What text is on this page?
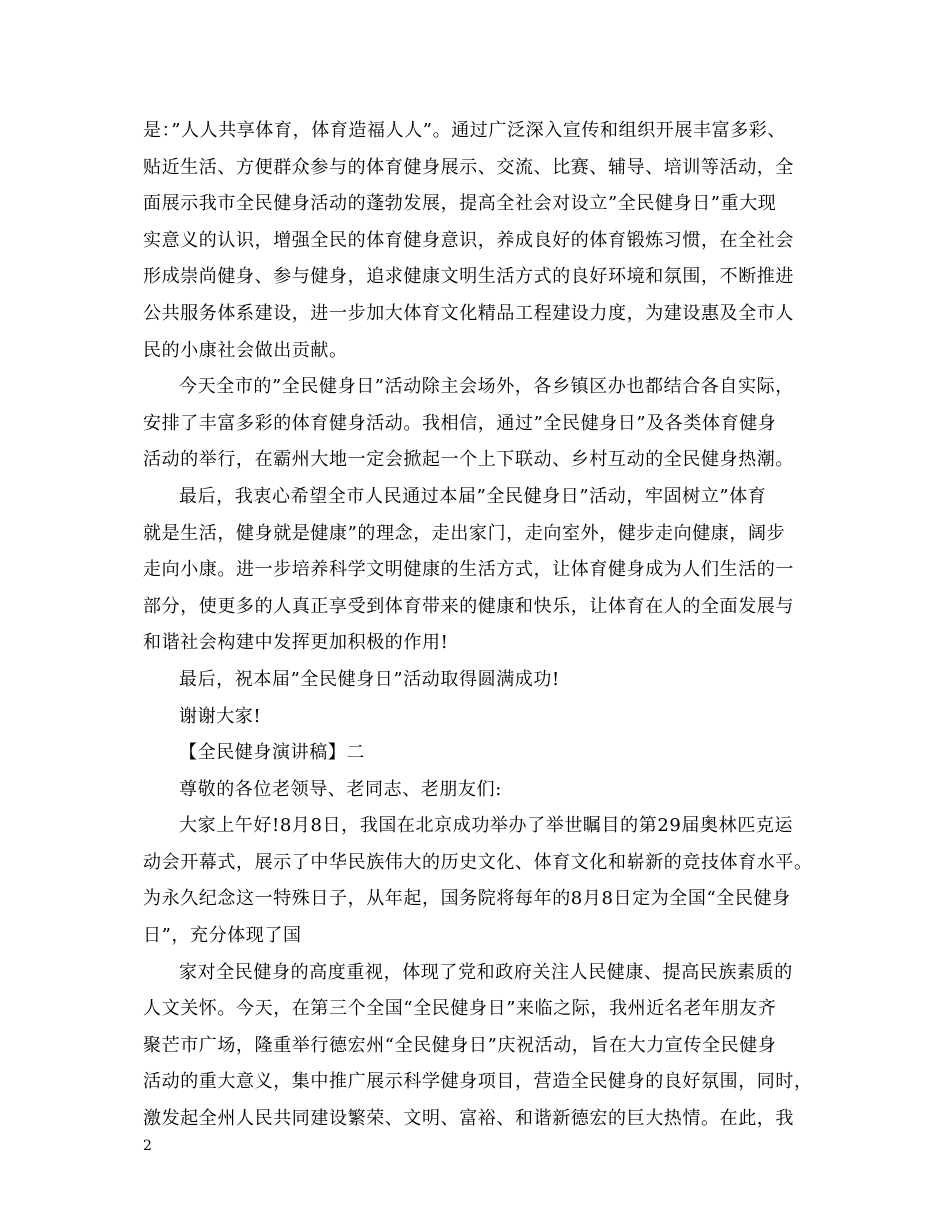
是：”人人共享体育，体育造福人人”。通过广泛深入宣传和组织开展丰富多彩、
贴近生活、方便群众参与的体育健身展示、交流、比赛、辅导、培训等活动，全
面展示我市全民健身活动的蓬勃发展，提高全社会对设立”全民健身日”重大现
实意义的认识，增强全民的体育健身意识，养成良好的体育锻炼习惯，在全社会
形成崇尚健身、参与健身，追求健康文明生活方式的良好环境和氛围，不断推进
公共服务体系建设，进一步加大体育文化精品工程建设力度，为建设惠及全市人
民的小康社会做出贡献。
今天全市的”全民健身日”活动除主会场外，各乡镇区办也都结合各自实际，
安排了丰富多彩的体育健身活动。我相信，通过”全民健身日”及各类体育健身
活动的举行，在霸州大地一定会掀起一个上下联动、乡村互动的全民健身热潮。
最后，我衷心希望全市人民通过本届”全民健身日”活动，牢固树立”体育
就是生活，健身就是健康”的理念，走出家门，走向室外，健步走向健康，阔步
走向小康。进一步培养科学文明健康的生活方式，让体育健身成为人们生活的一
部分，使更多的人真正享受到体育带来的健康和快乐，让体育在人的全面发展与
和谐社会构建中发挥更加积极的作用!
最后，祝本届”全民健身日”活动取得圆满成功!
谢谢大家!
【全民健身演讲稿】二
尊敬的各位老领导、老同志、老朋友们:
大家上午好!8月8日，我国在北京成功举办了举世瞩目的第29届奥林匹克运
动会开幕式，展示了中华民族伟大的历史文化、体育文化和崭新的竞技体育水平。
为永久纪念这一特殊日子，从年起，国务院将每年的8月8日定为全国“全民健身
日”，充分体现了国
家对全民健身的高度重视，体现了党和政府关注人民健康、提高民族素质的
人文关怀。今天，在第三个全国“全民健身日”来临之际，我州近名老年朋友齐
聚芒市广场，隆重举行德宏州“全民健身日”庆祝活动，旨在大力宣传全民健身
活动的重大意义，集中推广展示科学健身项目，营造全民健身的良好氛围，同时，
激发起全州人民共同建设繁荣、文明、富裕、和谐新德宏的巨大热情。在此，我
2
